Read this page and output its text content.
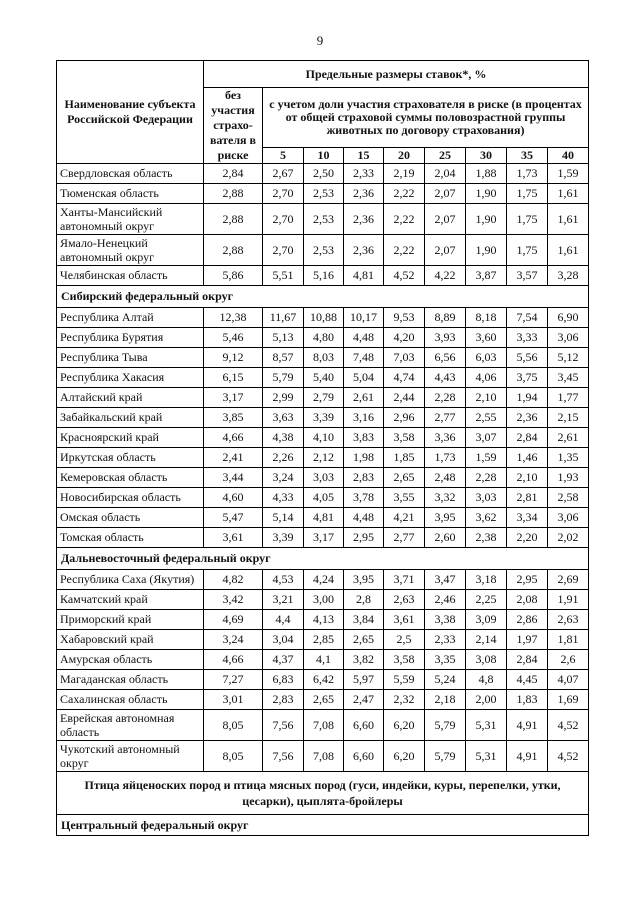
9
Наименование субъекта Российской Федерации	Предельные размеры ставок*, %								
	без участия страхо-вателя в риске	с учетом доли участия страхователя в риске (в процентах от общей страховой суммы половозрастной группы животных по договору страхования)							
		5	10	15	20	25	30	35	40
Свердловская область	2,84	2,67	2,50	2,33	2,19	2,04	1,88	1,73	1,59
Тюменская область	2,88	2,70	2,53	2,36	2,22	2,07	1,90	1,75	1,61
Ханты-Мансийский автономный округ	2,88	2,70	2,53	2,36	2,22	2,07	1,90	1,75	1,61
Ямало-Ненецкий автономный округ	2,88	2,70	2,53	2,36	2,22	2,07	1,90	1,75	1,61
Челябинская область	5,86	5,51	5,16	4,81	4,52	4,22	3,87	3,57	3,28
Сибирский федеральный округ									
Республика Алтай	12,38	11,67	10,88	10,17	9,53	8,89	8,18	7,54	6,90
Республика Бурятия	5,46	5,13	4,80	4,48	4,20	3,93	3,60	3,33	3,06
Республика Тыва	9,12	8,57	8,03	7,48	7,03	6,56	6,03	5,56	5,12
Республика Хакасия	6,15	5,79	5,40	5,04	4,74	4,43	4,06	3,75	3,45
Алтайский край	3,17	2,99	2,79	2,61	2,44	2,28	2,10	1,94	1,77
Забайкальский край	3,85	3,63	3,39	3,16	2,96	2,77	2,55	2,36	2,15
Красноярский край	4,66	4,38	4,10	3,83	3,58	3,36	3,07	2,84	2,61
Иркутская область	2,41	2,26	2,12	1,98	1,85	1,73	1,59	1,46	1,35
Кемеровская область	3,44	3,24	3,03	2,83	2,65	2,48	2,28	2,10	1,93
Новосибирская область	4,60	4,33	4,05	3,78	3,55	3,32	3,03	2,81	2,58
Омская область	5,47	5,14	4,81	4,48	4,21	3,95	3,62	3,34	3,06
Томская область	3,61	3,39	3,17	2,95	2,77	2,60	2,38	2,20	2,02
Дальневосточный федеральный округ									
Республика Саха (Якутия)	4,82	4,53	4,24	3,95	3,71	3,47	3,18	2,95	2,69
Камчатский край	3,42	3,21	3,00	2,8	2,63	2,46	2,25	2,08	1,91
Приморский край	4,69	4,4	4,13	3,84	3,61	3,38	3,09	2,86	2,63
Хабаровский край	3,24	3,04	2,85	2,65	2,5	2,33	2,14	1,97	1,81
Амурская область	4,66	4,37	4,1	3,82	3,58	3,35	3,08	2,84	2,6
Магаданская область	7,27	6,83	6,42	5,97	5,59	5,24	4,8	4,45	4,07
Сахалинская область	3,01	2,83	2,65	2,47	2,32	2,18	2,00	1,83	1,69
Еврейская автономная область	8,05	7,56	7,08	6,60	6,20	5,79	5,31	4,91	4,52
Чукотский автономный округ	8,05	7,56	7,08	6,60	6,20	5,79	5,31	4,91	4,52
Птица яйценоских пород и птица мясных пород (гуси, индейки, куры, перепелки, утки, цесарки), цыплята-бройлеры									
Центральный федеральный округ									
